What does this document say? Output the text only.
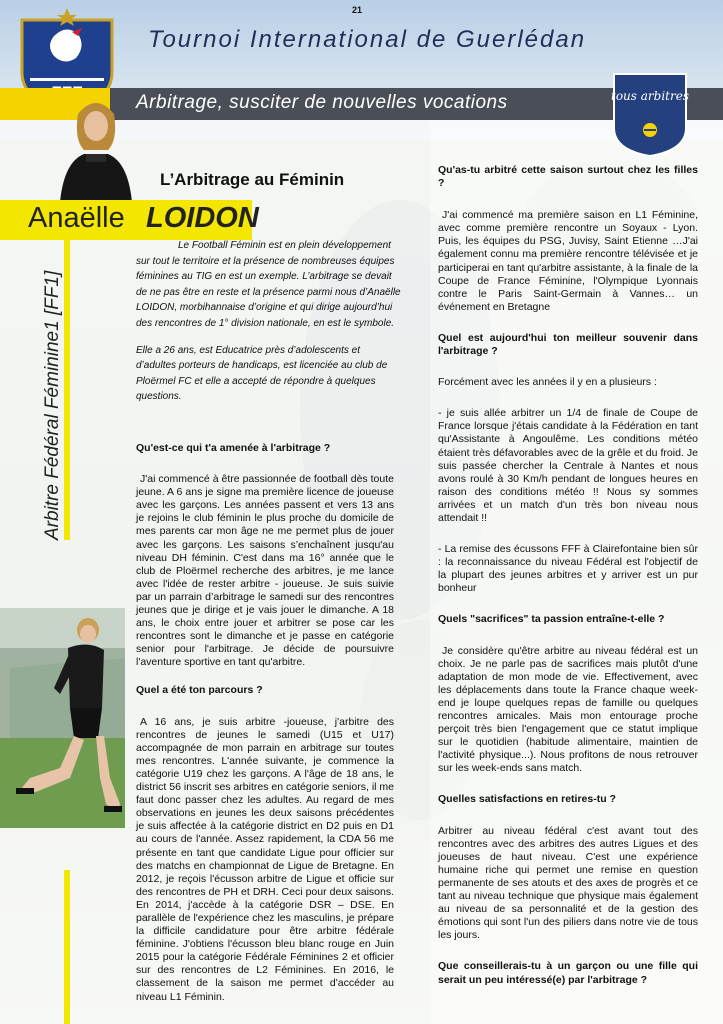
21
Tournoi International de Guerlédan
Arbitrage, susciter de nouvelles vocations	tous arbitres
L’Arbitrage au Féminin
Anaëlle LOIDON
Arbitre Fédéral Féminine1 [FF1]

Le Football Féminin est en plein développement sur tout le territoire et la présence de nombreuses équipes féminines au TIG en est un exemple. L’arbitrage se devait de ne pas être en reste et la présence parmi nous d’Anaëlle LOIDON, morbihannaise d’origine et qui dirige aujourd’hui des rencontres de 1° division nationale, en est le symbole.

Elle a 26 ans, est Educatrice près d’adolescents et d’adultes porteurs de handicaps, est licenciée au club de Ploërmel FC et elle a accepté de répondre à quelques questions.

Qu'est-ce qui t'a amenée à l'arbitrage ?

J'ai commencé à être passionnée de football dès toute jeune. A 6 ans je signe ma première licence de joueuse avec les garçons. Les années passent et vers 13 ans je rejoins le club féminin le plus proche du domicile de mes parents car mon âge ne me permet plus de jouer avec les garçons. Les saisons s’enchaînent jusqu'au niveau DH féminin. C'est dans ma 16° année que le club de Ploërmel recherche des arbitres, je me lance avec l'idée de rester arbitre - joueuse. Je suis suivie par un parrain d’arbitrage le samedi sur des rencontres jeunes que je dirige et je vais jouer le dimanche. A 18 ans, le choix entre jouer et arbitrer se pose car les rencontres sont le dimanche et je passe en catégorie senior pour l'arbitrage. Je décide de poursuivre l'aventure sportive en tant qu'arbitre.

Quel a été ton parcours ?

A 16 ans, je suis arbitre -joueuse, j'arbitre des rencontres de jeunes le samedi (U15 et U17) accompagnée de mon parrain en arbitrage sur toutes mes rencontres. L'année suivante, je commence la catégorie U19 chez les garçons. A l'âge de 18 ans, le district 56 inscrit ses arbitres en catégorie seniors, il me faut donc passer chez les adultes. Au regard de mes observations en jeunes les deux saisons précédentes je suis affectée à la catégorie district en D2 puis en D1 au cours de l'année. Assez rapidement, la CDA 56 me présente en tant que candidate Ligue pour officier sur des matchs en championnat de Ligue de Bretagne. En 2012, je reçois l'écusson arbitre de Ligue et officie sur des rencontres de PH et DRH. Ceci pour deux saisons. En 2014, j'accède à la catégorie DSR – DSE. En parallèle de l'expérience chez les masculins, je prépare la difficile candidature pour être arbitre fédérale féminine. J'obtiens l'écusson bleu blanc rouge en Juin 2015 pour la catégorie Fédérale Féminines 2 et officier sur des rencontres de L2 Féminines. En 2016, le classement de la saison me permet d'accéder au niveau L1 Féminin.

Qu'as-tu arbitré cette saison surtout chez les filles ?

J'ai commencé ma première saison en L1 Féminine, avec comme première rencontre un Soyaux - Lyon. Puis, les équipes du PSG, Juvisy, Saint Etienne …J'ai également connu ma première rencontre télévisée et je participerai en tant qu'arbitre assistante, à la finale de la Coupe de France Féminine, l'Olympique Lyonnais contre le Paris Saint-Germain à Vannes… un événement en Bretagne

Quel est aujourd'hui ton meilleur souvenir dans l'arbitrage ?

Forcément avec les années il y en a plusieurs :

- je suis allée arbitrer un 1/4 de finale de Coupe de France lorsque j'étais candidate à la Fédération en tant qu'Assistante à Angoulême. Les conditions météo étaient très défavorables avec de la grêle et du froid. Je suis passée chercher la Centrale à Nantes et nous avons roulé à 30 Km/h pendant de longues heures en raison des conditions météo !! Nous sy sommes arrivées et un match d'un très bon niveau nous attendait !!

- La remise des écussons FFF à Clairefontaine bien sûr : la reconnaissance du niveau Fédéral est l'objectif de la plupart des jeunes arbitres et y arriver est un pur bonheur

Quels "sacrifices" ta passion entraîne-t-elle ?

Je considère qu'être arbitre au niveau fédéral est un choix. Je ne parle pas de sacrifices mais plutôt d'une adaptation de mon mode de vie. Effectivement, avec les déplacements dans toute la France chaque week-end je loupe quelques repas de famille ou quelques rencontres amicales. Mais mon entourage proche perçoit très bien l'engagement que ce statut implique sur le quotidien (habitude alimentaire, maintien de l'activité physique...). Nous profitons de nous retrouver sur les week-ends sans match.

Quelles satisfactions en retires-tu ?

Arbitrer au niveau fédéral c'est avant tout des rencontres avec des arbitres des autres Ligues et des joueuses de haut niveau. C'est une expérience humaine riche qui permet une remise en question permanente de ses atouts et des axes de progrès et ce tant au niveau technique que physique mais également au niveau de sa personnalité et de la gestion des émotions qui sont l'un des piliers dans notre vie de tous les jours.

Que conseillerais-tu à un garçon ou une fille qui serait un peu intéressé(e) par l'arbitrage ?
